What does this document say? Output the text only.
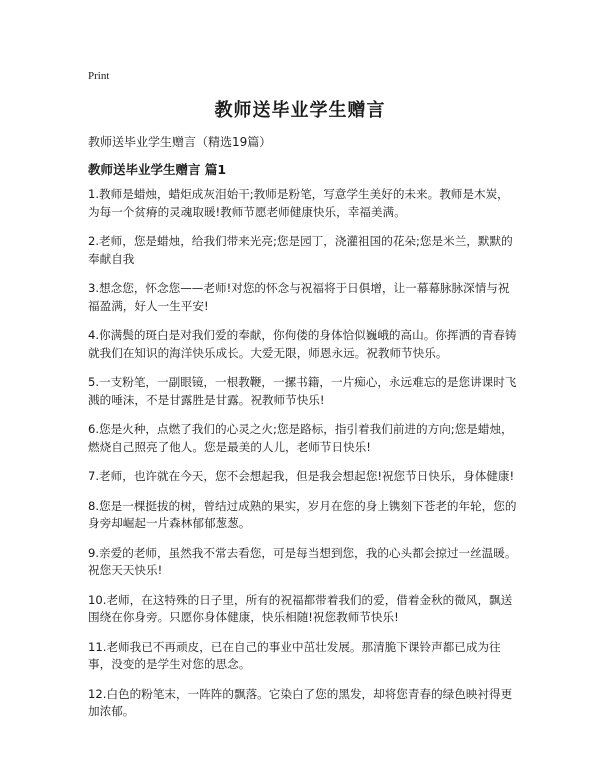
Print
教师送毕业学生赠言

教师送毕业学生赠言（精选19篇）

教师送毕业学生赠言 篇1
1.教师是蜡烛，蜡炬成灰泪始干;教师是粉笔，写意学生美好的未来。教师是木炭，为每一个贫瘠的灵魂取暖!教师节愿老师健康快乐，幸福美满。
2.老师，您是蜡烛，给我们带来光亮;您是园丁，浇灌祖国的花朵;您是米兰，默默的奉献自我
3.想念您，怀念您——老师!对您的怀念与祝福将于日俱增，让一幕幕脉脉深情与祝福盈满，好人一生平安!
4.你满鬓的斑白是对我们爱的奉献，你佝偻的身体恰似巍峨的高山。你挥洒的青春铸就我们在知识的海洋快乐成长。大爱无限，师恩永远。祝教师节快乐。
5.一支粉笔，一副眼镜，一根教鞭，一摞书籍，一片痴心，永远难忘的是您讲课时飞溅的唾沫，不是甘露胜是甘露。祝教师节快乐!
6.您是火种，点燃了我们的心灵之火;您是路标，指引着我们前进的方向;您是蜡烛，燃烧自己照亮了他人。您是最美的人儿，老师节日快乐!
7.老师，也许就在今天，您不会想起我，但是我会想起您!祝您节日快乐，身体健康!
8.您是一棵挺拔的树，曾结过成熟的果实，岁月在您的身上镌刻下苍老的年轮，您的身旁却崛起一片森林郁郁葱葱。
9.亲爱的老师，虽然我不常去看您，可是每当想到您，我的心头都会掠过一丝温暖。祝您天天快乐!
10.老师，在这特殊的日子里，所有的祝福都带着我们的爱，借着金秋的微风，飘送围绕在你身旁。只愿你身体健康，快乐相随!祝您教师节快乐!
11.老师我已不再顽皮，已在自己的事业中茁壮发展。那清脆下课铃声都已成为往事，没变的是学生对您的思念。
12.白色的粉笔末，一阵阵的飘落。它染白了您的黑发，却将您青春的绿色映衬得更加浓郁。
